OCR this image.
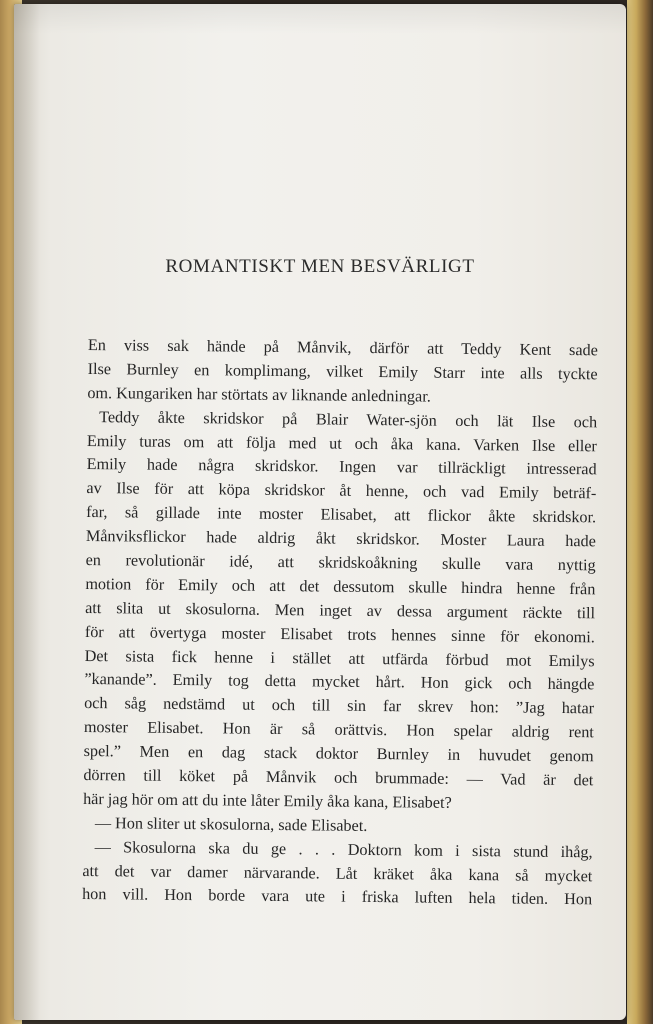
ROMANTISKT MEN BESVÄRLIGT
En viss sak hände på Månvik, därför att Teddy Kent sade
Ilse Burnley en komplimang, vilket Emily Starr inte alls tyckte
om. Kungariken har störtats av liknande anledningar.
Teddy åkte skridskor på Blair Water-sjön och lät Ilse och
Emily turas om att följa med ut och åka kana. Varken Ilse eller
Emily hade några skridskor. Ingen var tillräckligt intresserad
av Ilse för att köpa skridskor åt henne, och vad Emily beträf-
far, så gillade inte moster Elisabet, att flickor åkte skridskor.
Månviksflickor hade aldrig åkt skridskor. Moster Laura hade
en revolutionär idé, att skridskoåkning skulle vara nyttig
motion för Emily och att det dessutom skulle hindra henne från
att slita ut skosulorna. Men inget av dessa argument räckte till
för att övertyga moster Elisabet trots hennes sinne för ekonomi.
Det sista fick henne i stället att utfärda förbud mot Emilys
”kanande”. Emily tog detta mycket hårt. Hon gick och hängde
och såg nedstämd ut och till sin far skrev hon: ”Jag hatar
moster Elisabet. Hon är så orättvis. Hon spelar aldrig rent
spel.” Men en dag stack doktor Burnley in huvudet genom
dörren till köket på Månvik och brummade: — Vad är det
här jag hör om att du inte låter Emily åka kana, Elisabet?
— Hon sliter ut skosulorna, sade Elisabet.
— Skosulorna ska du ge . . . Doktorn kom i sista stund ihåg,
att det var damer närvarande. Låt kräket åka kana så mycket
hon vill. Hon borde vara ute i friska luften hela tiden. Hon
